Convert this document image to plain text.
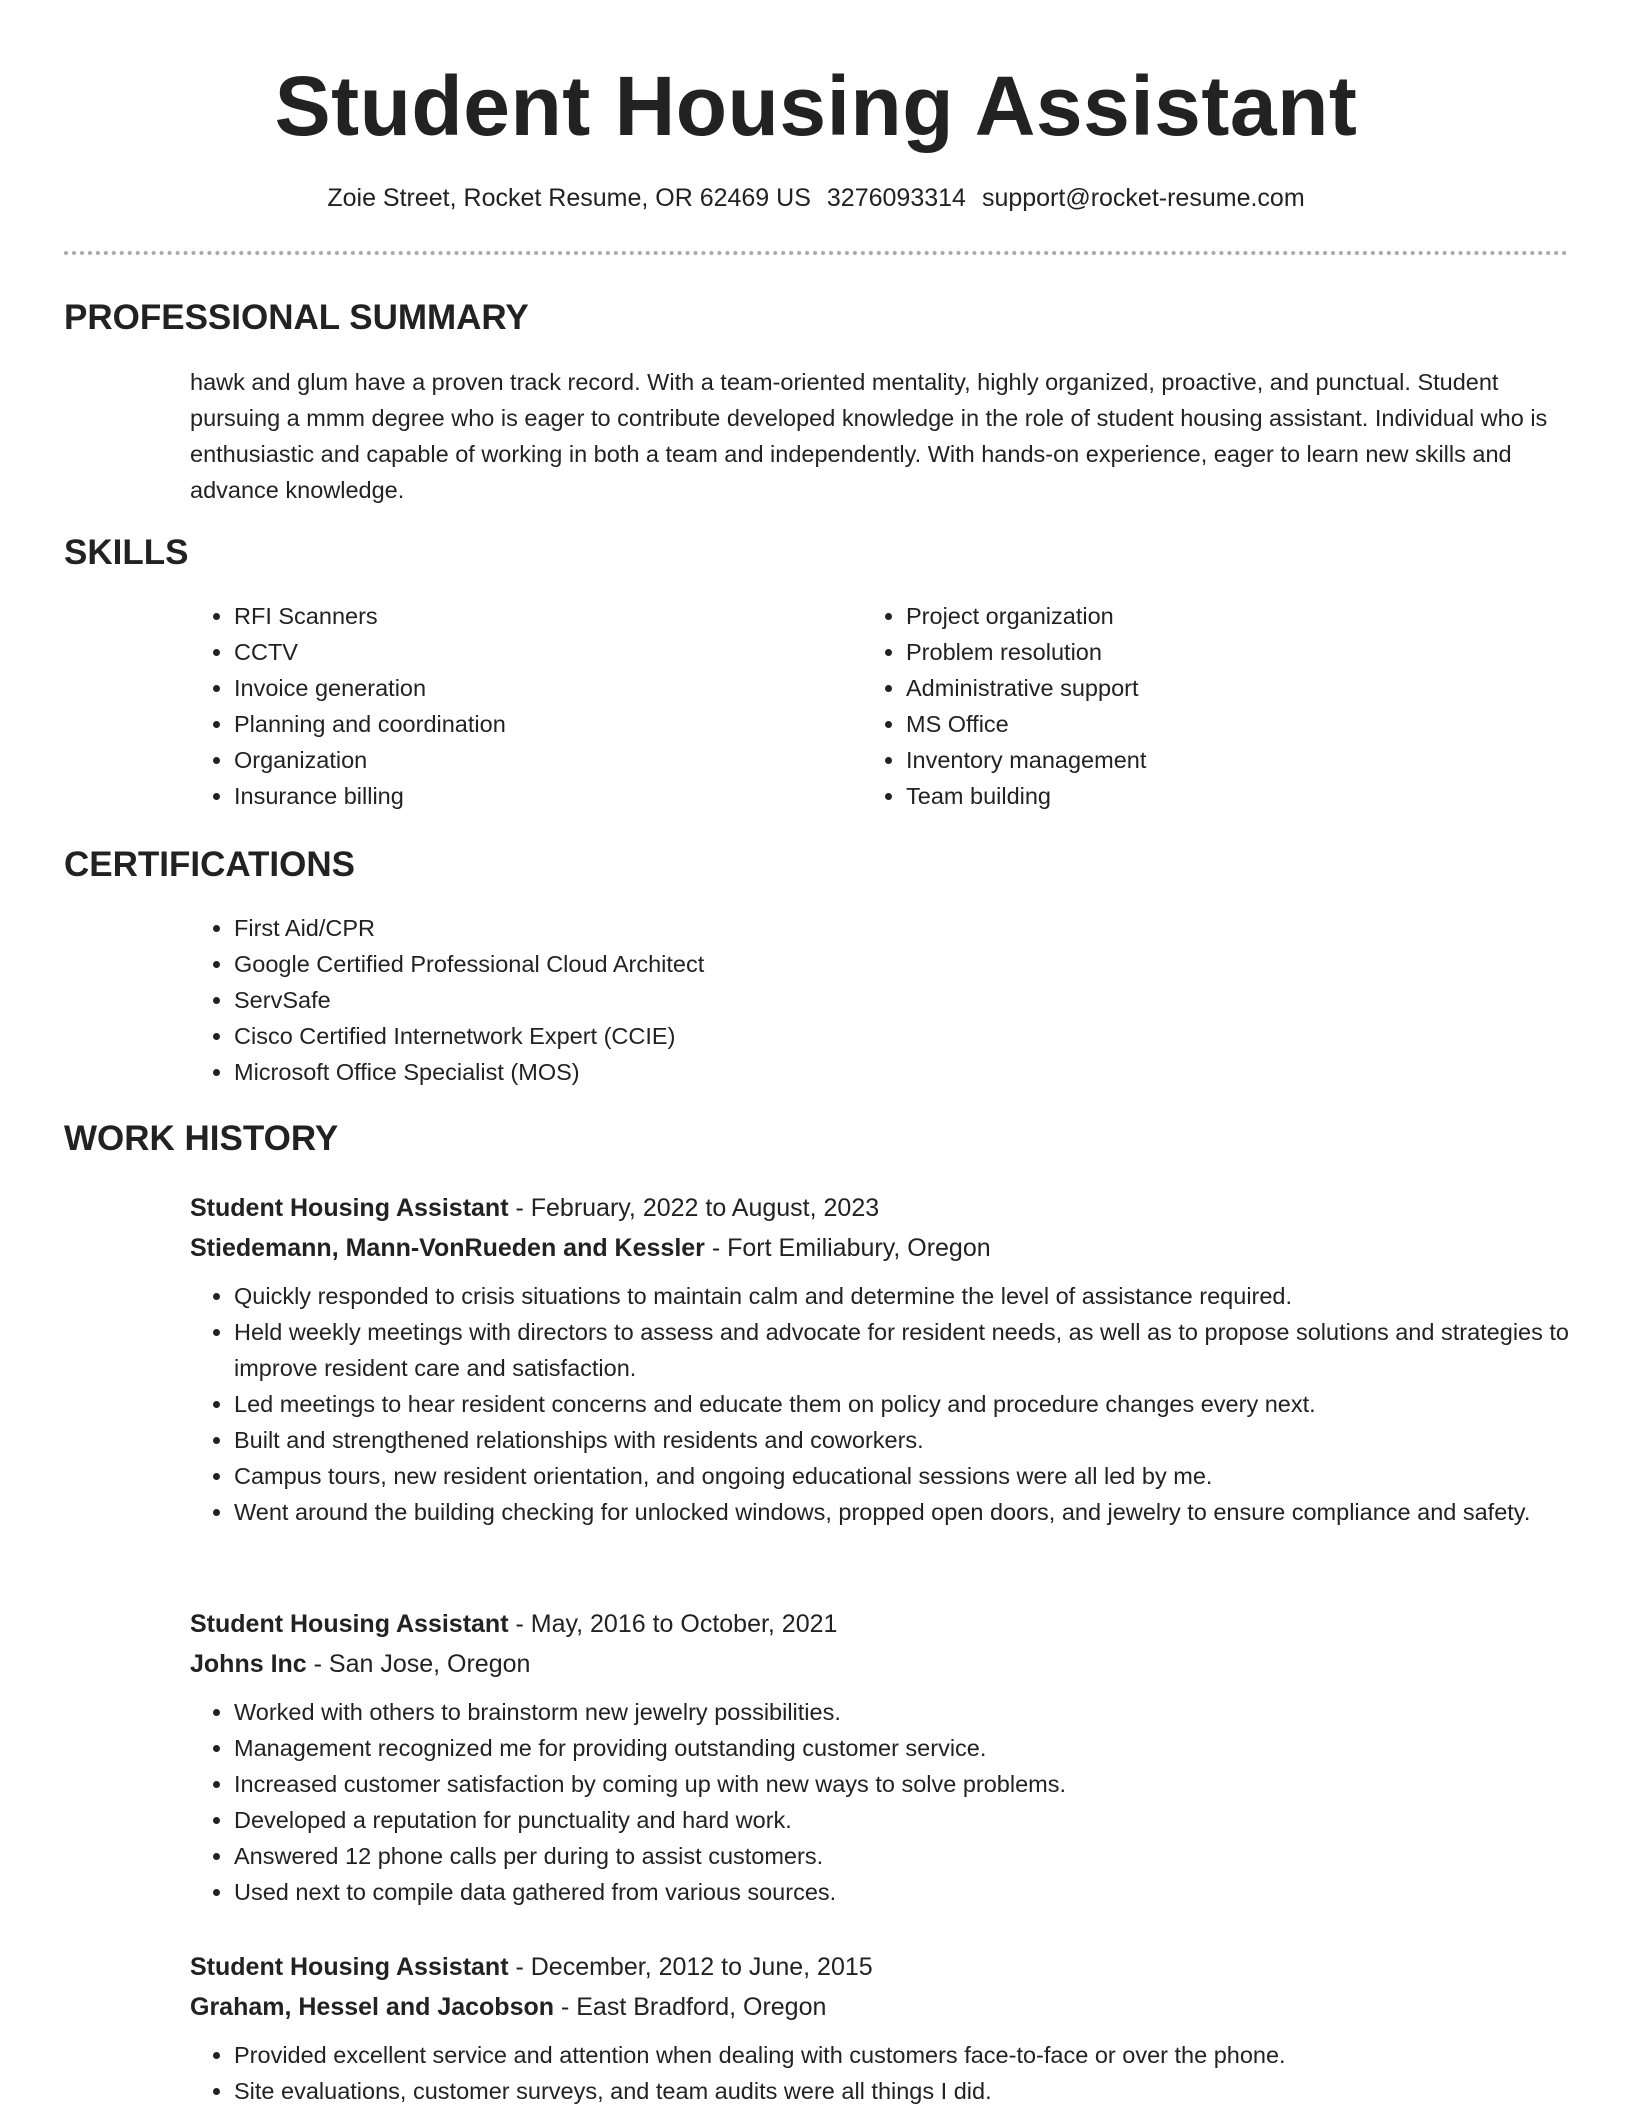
Student Housing Assistant
Zoie Street, Rocket Resume, OR 62469 US 3276093314 support@rocket-resume.com
PROFESSIONAL SUMMARY

hawk and glum have a proven track record. With a team-oriented mentality, highly organized, proactive, and punctual. Student pursuing a mmm degree who is eager to contribute developed knowledge in the role of student housing assistant. Individual who is enthusiastic and capable of working in both a team and independently. With hands-on experience, eager to learn new skills and advance knowledge.

SKILLS
• RFI Scanners
• CCTV
• Invoice generation
• Planning and coordination
• Organization
• Insurance billing
• Project organization
• Problem resolution
• Administrative support
• MS Office
• Inventory management
• Team building
CERTIFICATIONS
• First Aid/CPR
• Google Certified Professional Cloud Architect
• ServSafe
• Cisco Certified Internetwork Expert (CCIE)
• Microsoft Office Specialist (MOS)
WORK HISTORY

Student Housing Assistant - February, 2022 to August, 2023

Stiedemann, Mann-VonRueden and Kessler - Fort Emiliabury, Oregon

• Quickly responded to crisis situations to maintain calm and determine the level of assistance required.
• Held weekly meetings with directors to assess and advocate for resident needs, as well as to propose solutions and strategies to improve resident care and satisfaction.
• Led meetings to hear resident concerns and educate them on policy and procedure changes every next.
• Built and strengthened relationships with residents and coworkers.
• Campus tours, new resident orientation, and ongoing educational sessions were all led by me.
• Went around the building checking for unlocked windows, propped open doors, and jewelry to ensure compliance and safety.

Student Housing Assistant - May, 2016 to October, 2021

Johns Inc - San Jose, Oregon

• Worked with others to brainstorm new jewelry possibilities.
• Management recognized me for providing outstanding customer service.
• Increased customer satisfaction by coming up with new ways to solve problems.
• Developed a reputation for punctuality and hard work.
• Answered 12 phone calls per during to assist customers.
• Used next to compile data gathered from various sources.

Student Housing Assistant - December, 2012 to June, 2015

Graham, Hessel and Jacobson - East Bradford, Oregon

• Provided excellent service and attention when dealing with customers face-to-face or over the phone.
• Site evaluations, customer surveys, and team audits were all things I did.
